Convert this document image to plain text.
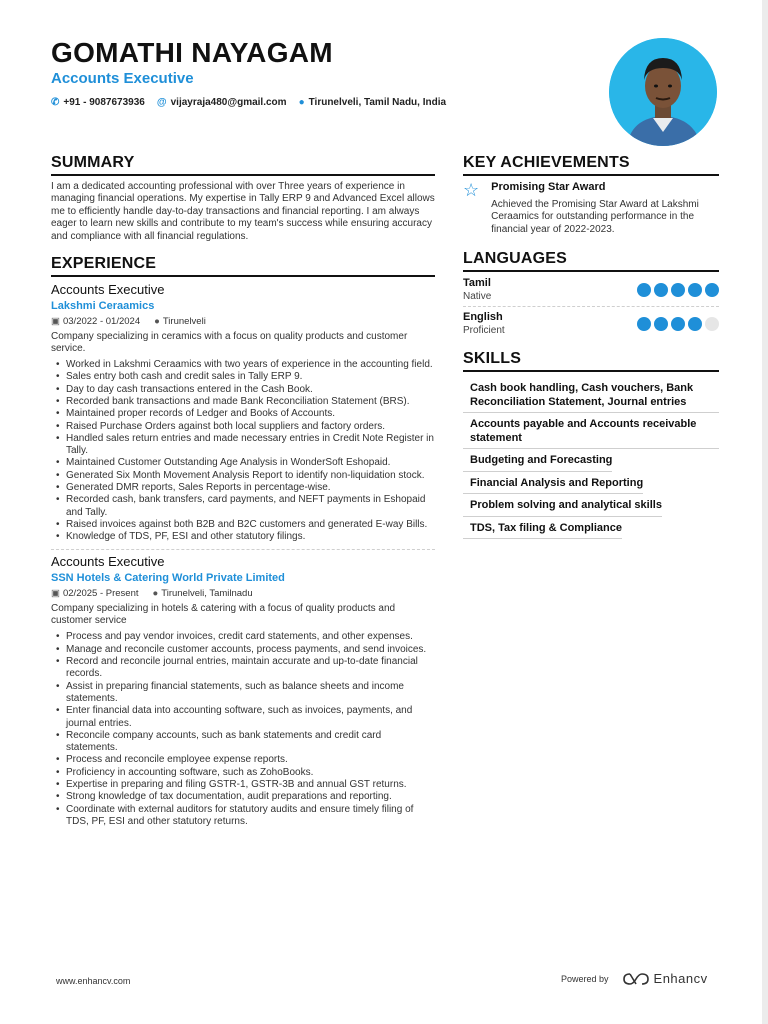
GOMATHI NAYAGAM
Accounts Executive
✆ +91 - 9087673936 @ vijayraja480@gmail.com ● Tirunelveli, Tamil Nadu, India
SUMMARY
I am a dedicated accounting professional with over Three years of experience in managing financial operations. My expertise in Tally ERP 9 and Advanced Excel allows me to efficiently handle day-to-day transactions and financial reporting. I am always eager to learn new skills and contribute to my team's success while ensuring accuracy and compliance with all financial regulations.
EXPERIENCE
Accounts Executive
Lakshmi Ceraamics
▣ 03/2022 - 01/2024 ● Tirunelveli
Company specializing in ceramics with a focus on quality products and customer service.
• Worked in Lakshmi Ceraamics with two years of experience in the accounting field.
• Sales entry both cash and credit sales in Tally ERP 9.
• Day to day cash transactions entered in the Cash Book.
• Recorded bank transactions and made Bank Reconciliation Statement (BRS).
• Maintained proper records of Ledger and Books of Accounts.
• Raised Purchase Orders against both local suppliers and factory orders.
• Handled sales return entries and made necessary entries in Credit Note Register in Tally.
• Maintained Customer Outstanding Age Analysis in WonderSoft Eshopaid.
• Generated Six Month Movement Analysis Report to identify non-liquidation stock.
• Generated DMR reports, Sales Reports in percentage-wise.
• Recorded cash, bank transfers, card payments, and NEFT payments in Eshopaid and Tally.
• Raised invoices against both B2B and B2C customers and generated E-way Bills.
• Knowledge of TDS, PF, ESI and other statutory filings.
Accounts Executive
SSN Hotels & Catering World Private Limited
▣ 02/2025 - Present ● Tirunelveli, Tamilnadu
Company specializing in hotels & catering with a focus of quality products and customer service
• Process and pay vendor invoices, credit card statements, and other expenses.
• Manage and reconcile customer accounts, process payments, and send invoices.
• Record and reconcile journal entries, maintain accurate and up-to-date financial records.
• Assist in preparing financial statements, such as balance sheets and income statements.
• Enter financial data into accounting software, such as invoices, payments, and journal entries.
• Reconcile company accounts, such as bank statements and credit card statements.
• Process and reconcile employee expense reports.
• Proficiency in accounting software, such as ZohoBooks.
• Expertise in preparing and filing GSTR-1, GSTR-3B and annual GST returns.
• Strong knowledge of tax documentation, audit preparations and reporting.
• Coordinate with external auditors for statutory audits and ensure timely filing of TDS, PF, ESI and other statutory returns.
KEY ACHIEVEMENTS
☆ Promising Star Award
Achieved the Promising Star Award at Lakshmi Ceraamics for outstanding performance in the financial year of 2022-2023.
LANGUAGES
Tamil
Native
English
Proficient
SKILLS
Cash book handling, Cash vouchers, Bank Reconciliation Statement, Journal entries
Accounts payable and Accounts receivable statement
Budgeting and Forecasting
Financial Analysis and Reporting
Problem solving and analytical skills
TDS, Tax filing & Compliance
www.enhancv.com	Powered by	Enhancv
